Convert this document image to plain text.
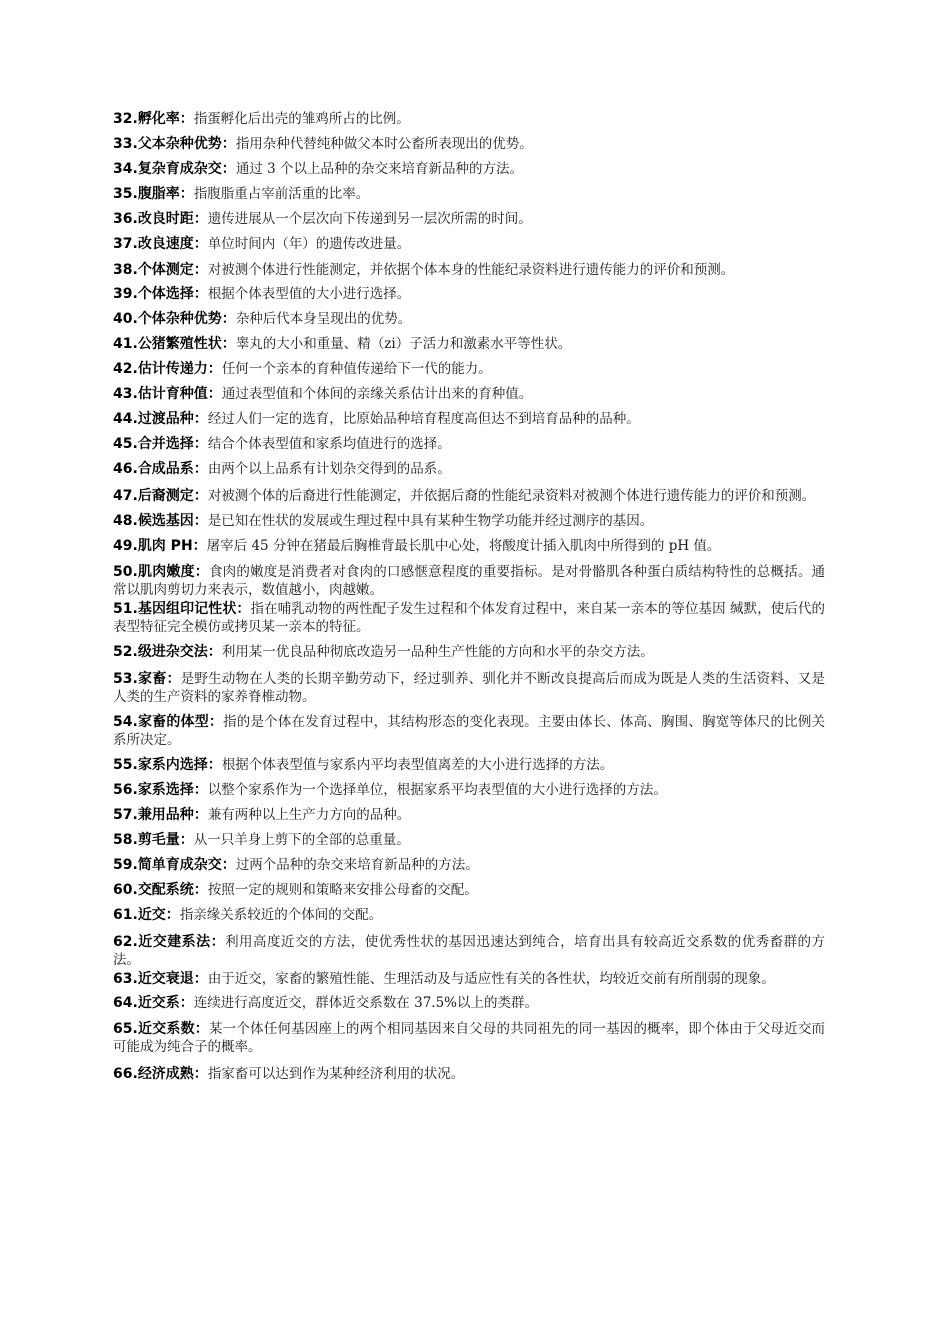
32.孵化率：指蛋孵化后出壳的雏鸡所占的比例。

33.父本杂种优势：指用杂种代替纯种做父本时公畜所表现出的优势。

34.复杂育成杂交：通过 3 个以上品种的杂交来培育新品种的方法。

35.腹脂率：指腹脂重占宰前活重的比率。

36.改良时距：遗传进展从一个层次向下传递到另一层次所需的时间。

37.改良速度：单位时间内（年）的遗传改进量。

38.个体测定：对被测个体进行性能测定，并依据个体本身的性能纪录资料进行遗传能力的评价和预测。

39.个体选择：根据个体表型值的大小进行选择。

40.个体杂种优势：杂种后代本身呈现出的优势。

41.公猪繁殖性状：睾丸的大小和重量、精（zi）子活力和激素水平等性状。

42.估计传递力：任何一个亲本的育种值传递给下一代的能力。

43.估计育种值：通过表型值和个体间的亲缘关系估计出来的育种值。

44.过渡品种：经过人们一定的选育，比原始品种培育程度高但达不到培育品种的品种。

45.合并选择：结合个体表型值和家系均值进行的选择。

46.合成品系：由两个以上品系有计划杂交得到的品系。

47.后裔测定：对被测个体的后裔进行性能测定，并依据后裔的性能纪录资料对被测个体进行遗传能力的评价和预测。

48.候选基因：是已知在性状的发展或生理过程中具有某种生物学功能并经过测序的基因。

49.肌肉 PH：屠宰后 45 分钟在猪最后胸椎背最长肌中心处，将酸度计插入肌肉中所得到的 pH 值。

50.肌肉嫩度：食肉的嫩度是消费者对食肉的口感惬意程度的重要指标。是对骨骼肌各种蛋白质结构特性的总概括。通常以肌肉剪切力来表示，数值越小，肉越嫩。

51.基因组印记性状：指在哺乳动物的两性配子发生过程和个体发育过程中，来自某一亲本的等位基因 缄默，使后代的表型特征完全模仿或拷贝某一亲本的特征。

52.级进杂交法：利用某一优良品种彻底改造另一品种生产性能的方向和水平的杂交方法。

53.家畜：是野生动物在人类的长期辛勤劳动下，经过驯养、驯化并不断改良提高后而成为既是人类的生活资料、又是人类的生产资料的家养脊椎动物。

54.家畜的体型：指的是个体在发育过程中，其结构形态的变化表现。主要由体长、体高、胸围、胸宽等体尺的比例关系所决定。

55.家系内选择：根据个体表型值与家系内平均表型值离差的大小进行选择的方法。

56.家系选择：以整个家系作为一个选择单位，根据家系平均表型值的大小进行选择的方法。

57.兼用品种：兼有两种以上生产力方向的品种。

58.剪毛量：从一只羊身上剪下的全部的总重量。

59.简单育成杂交：过两个品种的杂交来培育新品种的方法。

60.交配系统：按照一定的规则和策略来安排公母畜的交配。

61.近交：指亲缘关系较近的个体间的交配。

62.近交建系法：利用高度近交的方法，使优秀性状的基因迅速达到纯合，培育出具有较高近交系数的优秀畜群的方法。

63.近交衰退：由于近交，家畜的繁殖性能、生理活动及与适应性有关的各性状，均较近交前有所削弱的现象。

64.近交系：连续进行高度近交，群体近交系数在 37.5%以上的类群。

65.近交系数：某一个体任何基因座上的两个相同基因来自父母的共同祖先的同一基因的概率，即个体由于父母近交而可能成为纯合子的概率。

66.经济成熟：指家畜可以达到作为某种经济利用的状况。
